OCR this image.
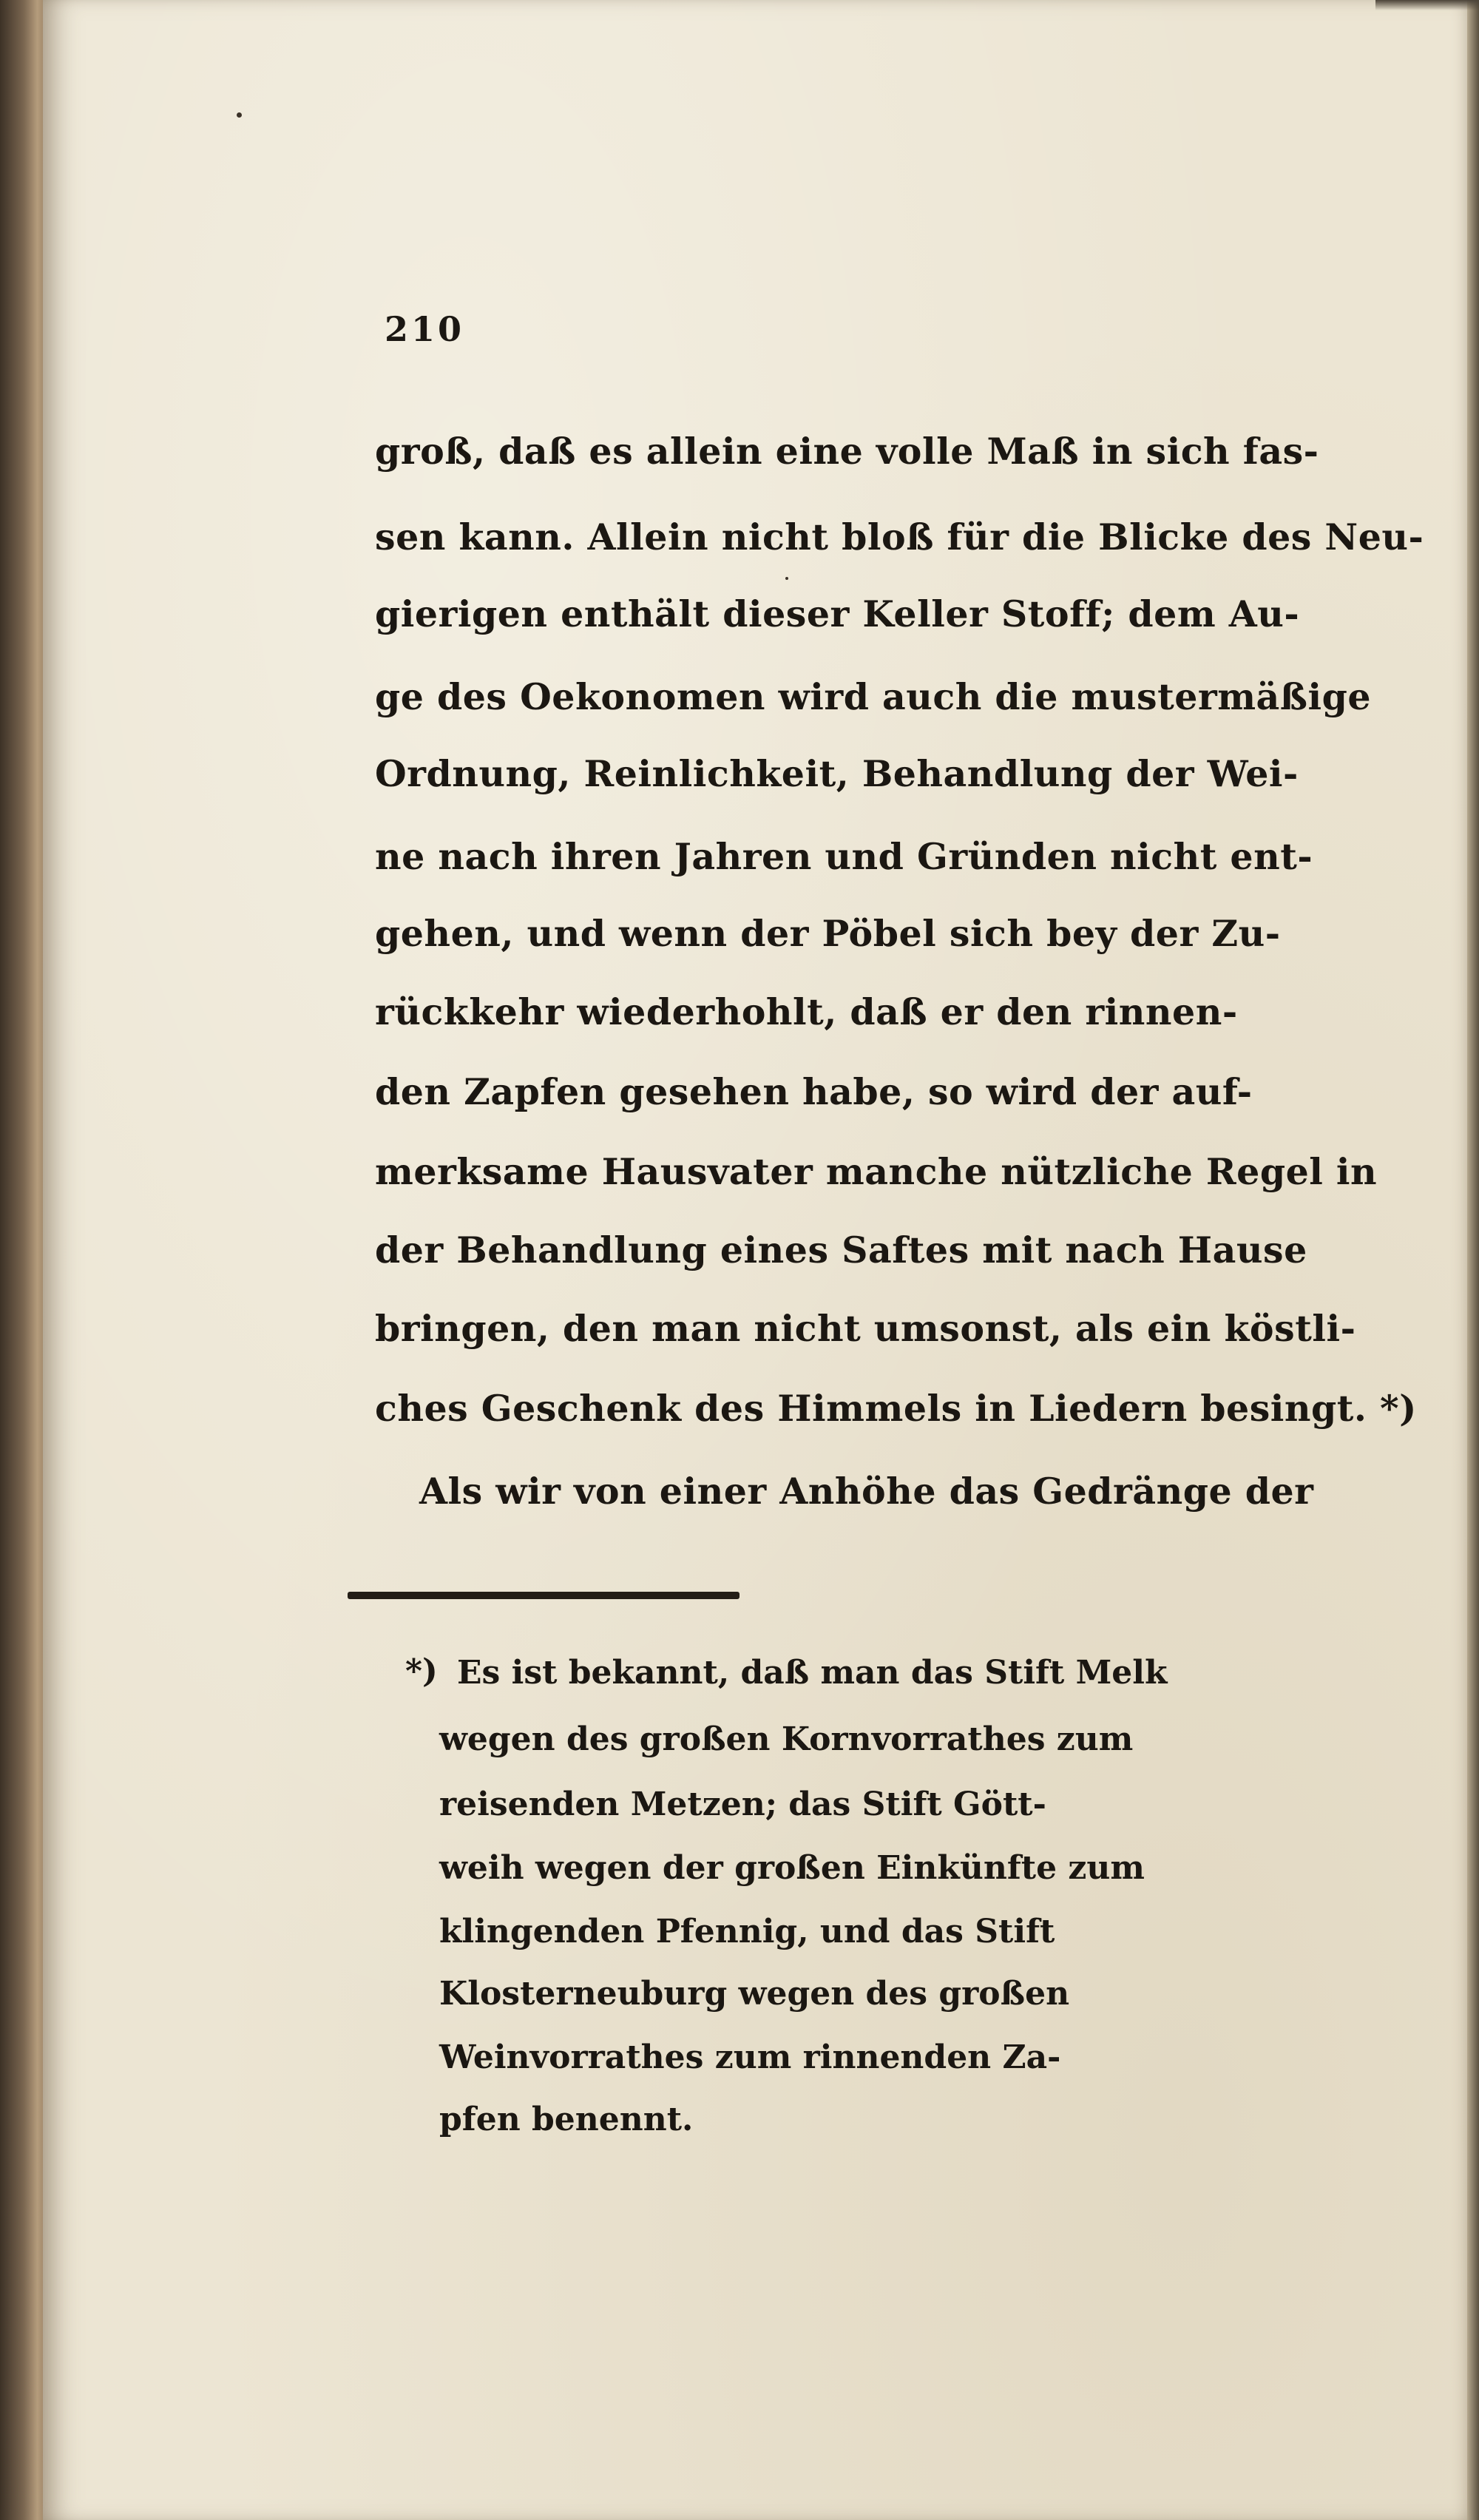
210
groß, daß es allein eine volle Maß in sich fas-
sen kann. Allein nicht bloß für die Blicke des Neu-
gierigen enthält dieser Keller Stoff; dem Au-
ge des Oekonomen wird auch die mustermäßige
Ordnung, Reinlichkeit, Behandlung der Wei-
ne nach ihren Jahren und Gründen nicht ent-
gehen, und wenn der Pöbel sich bey der Zu-
rückkehr wiederhohlt, daß er den rinnen-
den Zapfen gesehen habe, so wird der auf-
merksame Hausvater manche nützliche Regel in
der Behandlung eines Saftes mit nach Hause
bringen, den man nicht umsonst, als ein köstli-
ches Geschenk des Himmels in Liedern besingt. *)
Als wir von einer Anhöhe das Gedränge der
*) Es ist bekannt, daß man das Stift Melk
wegen des großen Kornvorrathes zum
reisenden Metzen; das Stift Gött-
weih wegen der großen Einkünfte zum
klingenden Pfennig, und das Stift
Klosterneuburg wegen des großen
Weinvorrathes zum rinnenden Za-
pfen benennt.
